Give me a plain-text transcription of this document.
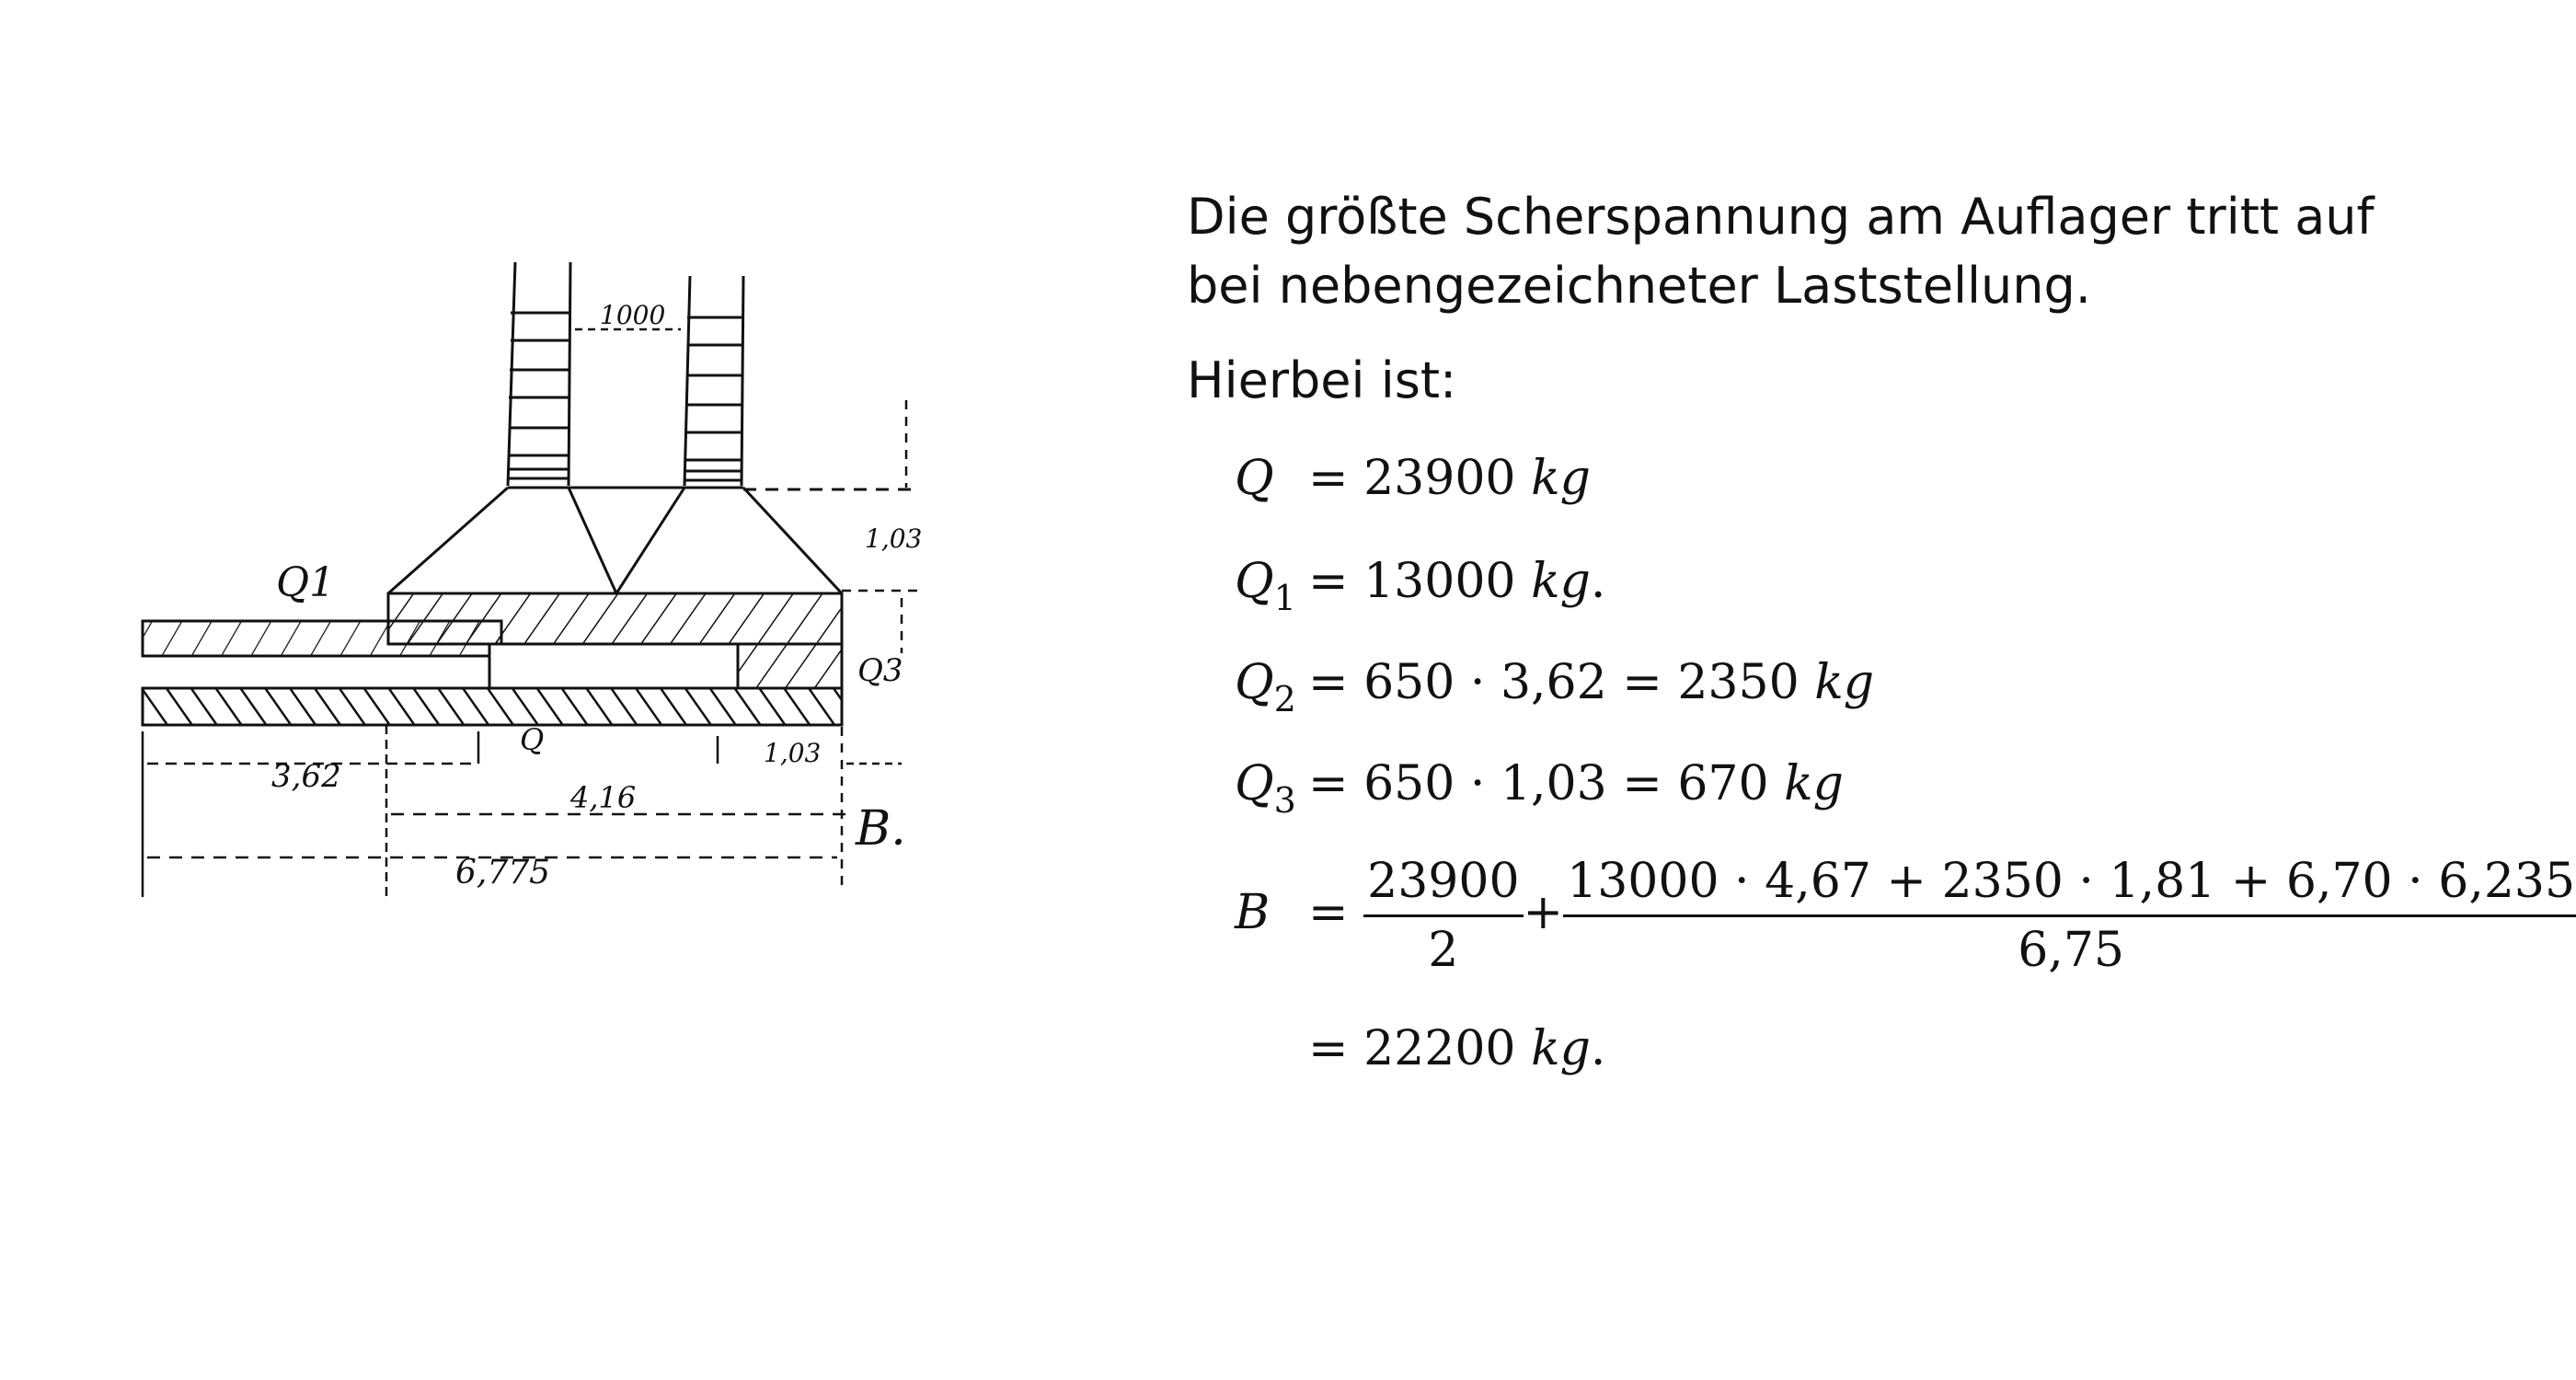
1000
1,03
Q1
Q3
Q
3,62
4,16
1,03
6,775
B.

Die größte Scherspannung am Auflager tritt auf

bei nebengezeichneter Laststellung.

Hierbei ist:

Q = 23900 kg
$Q_1 = 13000$ kg.
$Q_2 = 650 \cdot 3,62 = 2350$ kg
$Q_3 = 650 \cdot 1,03 = 670$ kg
$B = \frac{23900}{2} + \frac{13000 \cdot 4,67 + 2350 \cdot 1,81 + 6,70 \cdot 6,235}{6,75}$
= 22200 kg.
